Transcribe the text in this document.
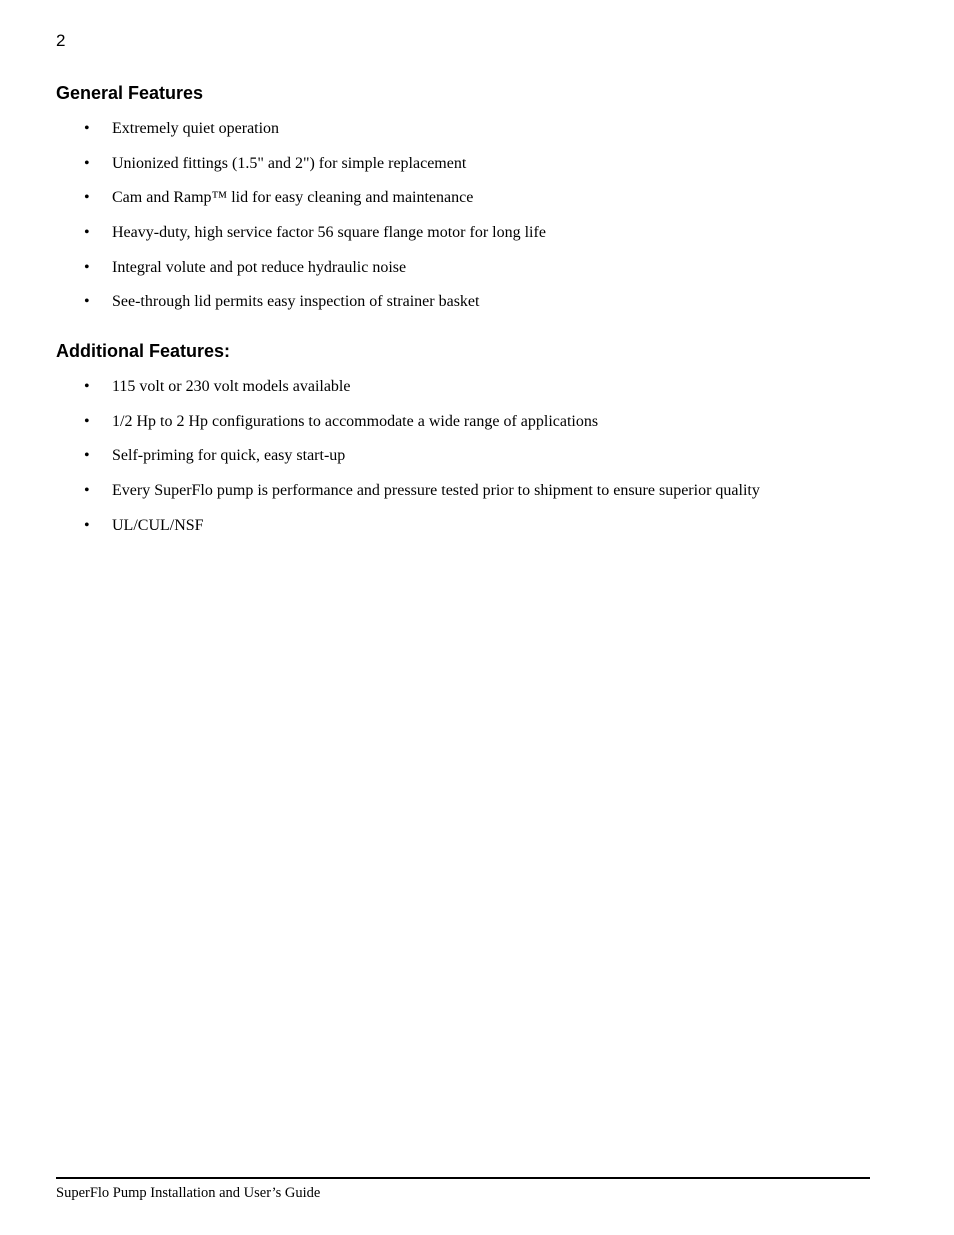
2
General Features
• Extremely quiet operation
• Unionized fittings (1.5" and 2") for simple replacement
• Cam and Ramp™ lid for easy cleaning and maintenance
• Heavy-duty, high service factor 56 square flange motor for long life
• Integral volute and pot reduce hydraulic noise
• See-through lid permits easy inspection of strainer basket
Additional Features:
• 115 volt or 230 volt models available
• 1/2 Hp to 2 Hp configurations to accommodate a wide range of applications
• Self-priming for quick, easy start-up
• Every SuperFlo pump is performance and pressure tested prior to shipment to ensure superior quality
• UL/CUL/NSF
SuperFlo Pump Installation and User’s Guide
